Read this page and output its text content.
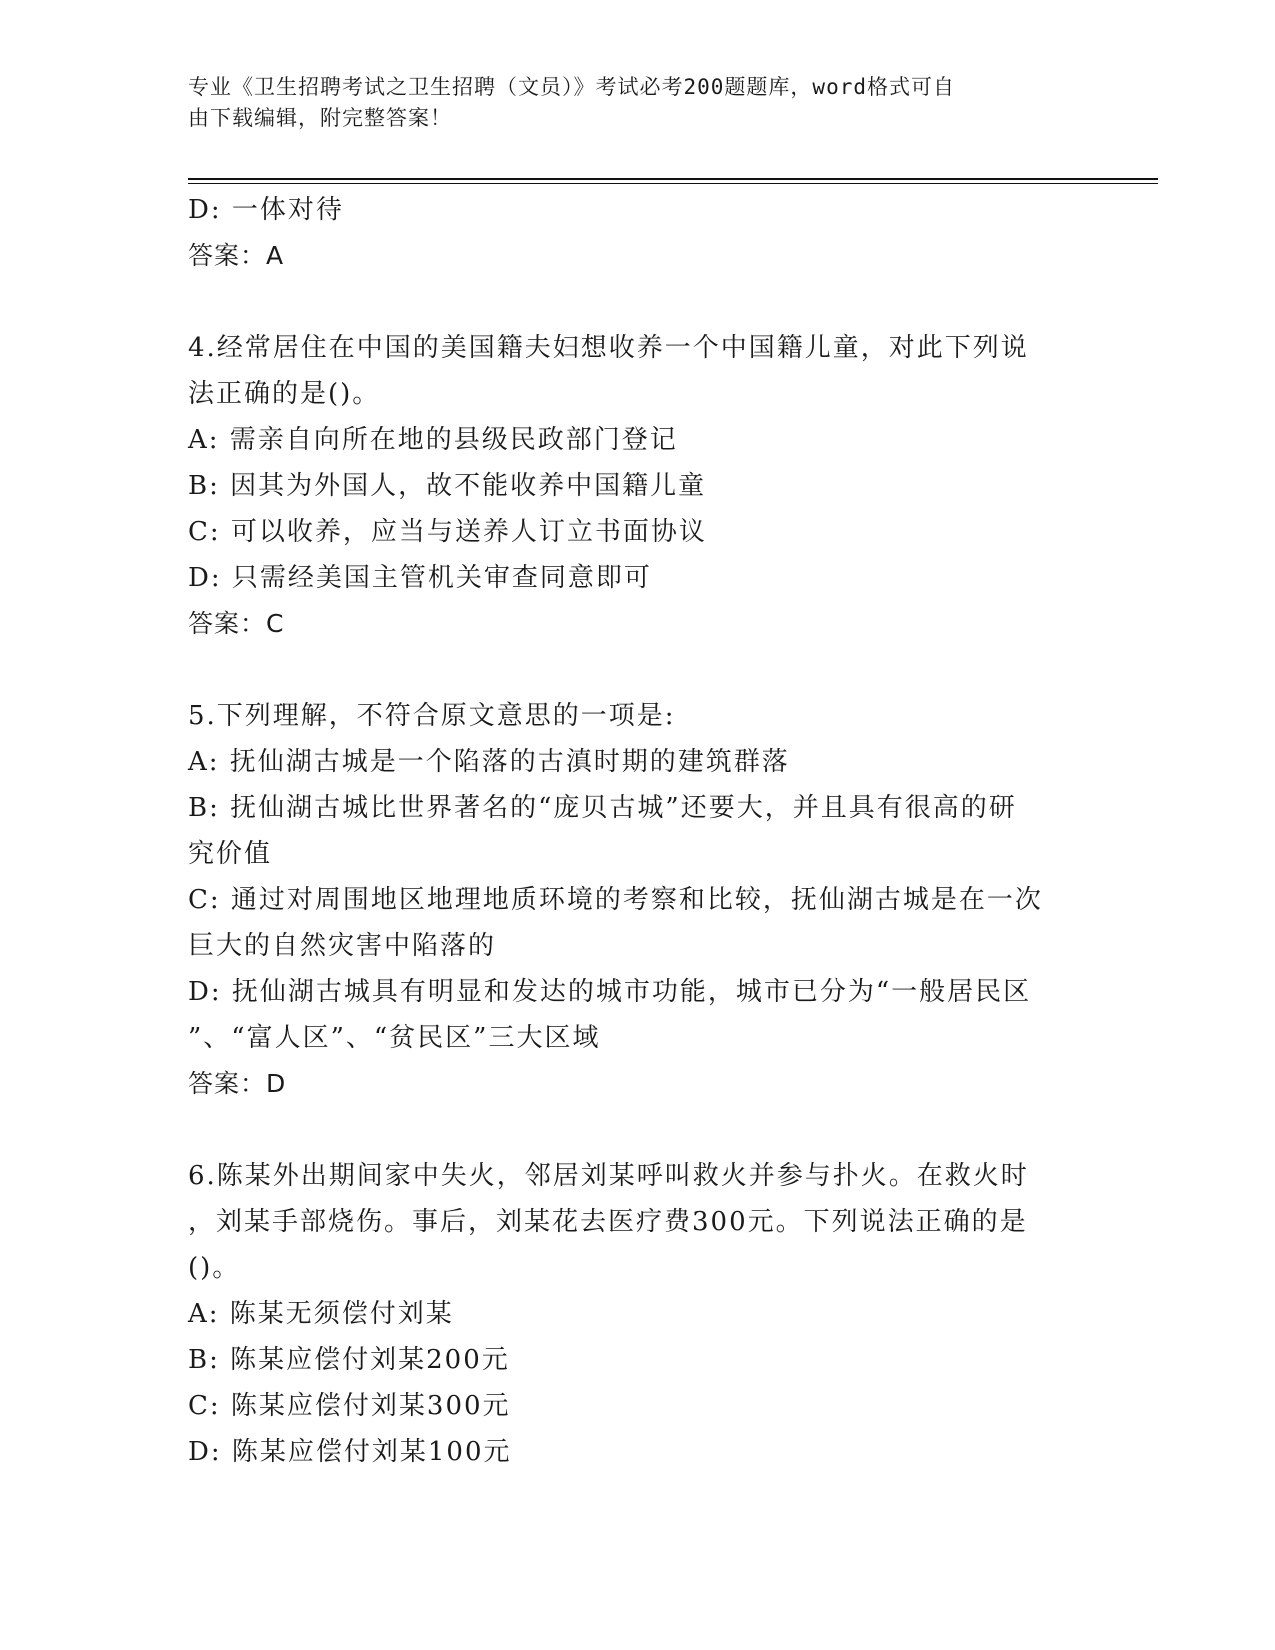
专业《卫生招聘考试之卫生招聘（文员）》考试必考200题题库，word格式可自
由下载编辑，附完整答案！
D: 一体对待
答案：A
4.经常居住在中国的美国籍夫妇想收养一个中国籍儿童，对此下列说
法正确的是()。
A: 需亲自向所在地的县级民政部门登记
B: 因其为外国人，故不能收养中国籍儿童
C: 可以收养，应当与送养人订立书面协议
D: 只需经美国主管机关审查同意即可
答案：C
5.下列理解，不符合原文意思的一项是:
A: 抚仙湖古城是一个陷落的古滇时期的建筑群落
B: 抚仙湖古城比世界著名的“庞贝古城”还要大，并且具有很高的研
究价值
C: 通过对周围地区地理地质环境的考察和比较，抚仙湖古城是在一次
巨大的自然灾害中陷落的
D: 抚仙湖古城具有明显和发达的城市功能，城市已分为“一般居民区
”、“富人区”、“贫民区”三大区域
答案：D
6.陈某外出期间家中失火，邻居刘某呼叫救火并参与扑火。在救火时
，刘某手部烧伤。事后，刘某花去医疗费300元。下列说法正确的是
()。
A: 陈某无须偿付刘某
B: 陈某应偿付刘某200元
C: 陈某应偿付刘某300元
D: 陈某应偿付刘某100元
